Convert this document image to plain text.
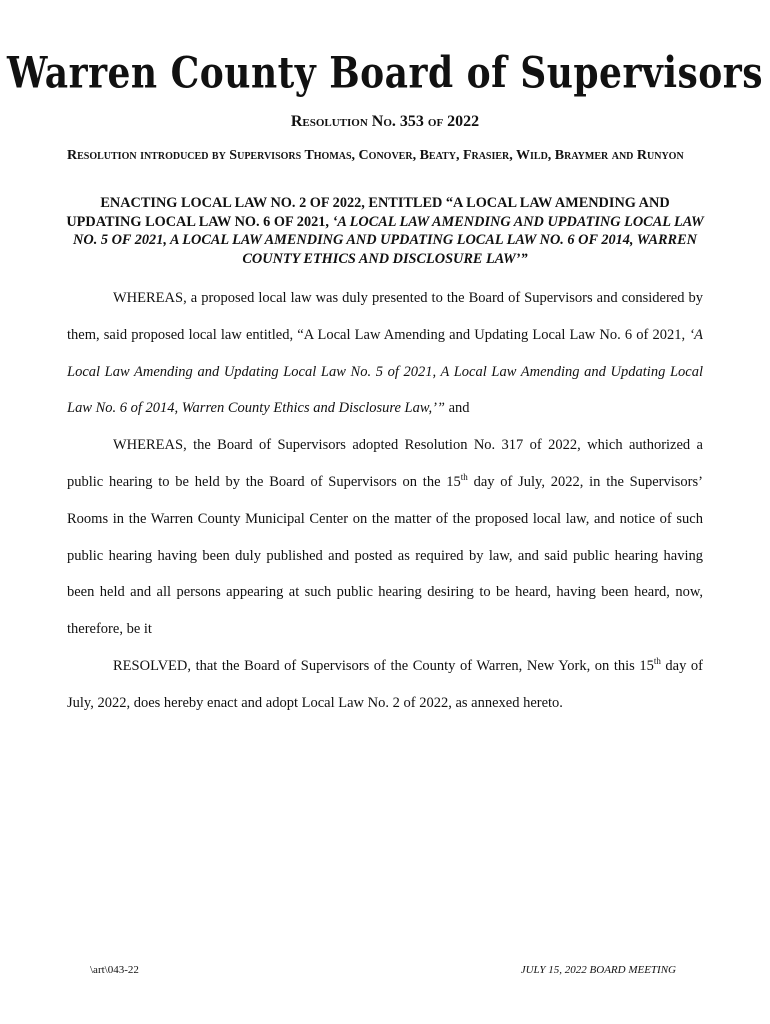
Warren County Board of Supervisors
Resolution No. 353 of 2022
Resolution introduced by Supervisors Thomas, Conover, Beaty, Frasier, Wild, Braymer and Runyon
ENACTING LOCAL LAW NO. 2 OF 2022, ENTITLED “A LOCAL LAW AMENDING AND UPDATING LOCAL LAW NO. 6 OF 2021, ‘A LOCAL LAW AMENDING AND UPDATING LOCAL LAW NO. 5 OF 2021, A LOCAL LAW AMENDING AND UPDATING LOCAL LAW NO. 6 OF 2014, WARREN COUNTY ETHICS AND DISCLOSURE LAW’”

WHEREAS, a proposed local law was duly presented to the Board of Supervisors and considered by them, said proposed local law entitled, “A Local Law Amending and Updating Local Law No. 6 of 2021, ‘A Local Law Amending and Updating Local Law No. 5 of 2021, A Local Law Amending and Updating Local Law No. 6 of 2014, Warren County Ethics and Disclosure Law,’” and

WHEREAS, the Board of Supervisors adopted Resolution No. 317 of 2022, which authorized a public hearing to be held by the Board of Supervisors on the 15th day of July, 2022, in the Supervisors’ Rooms in the Warren County Municipal Center on the matter of the proposed local law, and notice of such public hearing having been duly published and posted as required by law, and said public hearing having been held and all persons appearing at such public hearing desiring to be heard, having been heard, now, therefore, be it

RESOLVED, that the Board of Supervisors of the County of Warren, New York, on this 15th day of July, 2022, does hereby enact and adopt Local Law No. 2 of 2022, as annexed hereto.

\art\043-22	JULY 15, 2022 BOARD MEETING
